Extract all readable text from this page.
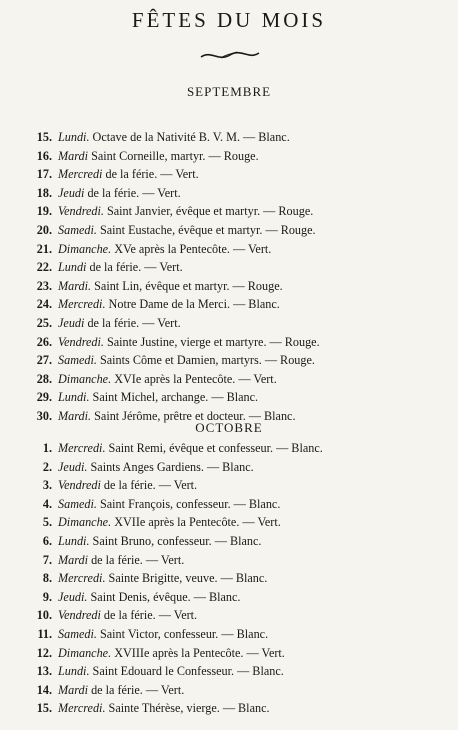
FÊTES DU MOIS
SEPTEMBRE
15. Lundi. Octave de la Nativité B. V. M. — Blanc.
16. Mardi Saint Corneille, martyr. — Rouge.
17. Mercredi de la férie. — Vert.
18. Jeudi de la férie. — Vert.
19. Vendredi. Saint Janvier, évêque et martyr. — Rouge.
20. Samedi. Saint Eustache, évêque et martyr. — Rouge.
21. Dimanche. XVe après la Pentecôte. — Vert.
22. Lundi de la férie. — Vert.
23. Mardi. Saint Lin, évêque et martyr. — Rouge.
24. Mercredi. Notre Dame de la Merci. — Blanc.
25. Jeudi de la férie. — Vert.
26. Vendredi. Sainte Justine, vierge et martyre. — Rouge.
27. Samedi. Saints Côme et Damien, martyrs. — Rouge.
28. Dimanche. XVIe après la Pentecôte. — Vert.
29. Lundi. Saint Michel, archange. — Blanc.
30. Mardi. Saint Jérôme, prêtre et docteur. — Blanc.
OCTOBRE
1. Mercredi. Saint Remi, évêque et confesseur. — Blanc.
2. Jeudi. Saints Anges Gardiens. — Blanc.
3. Vendredi de la férie. — Vert.
4. Samedi. Saint François, confesseur. — Blanc.
5. Dimanche. XVIIe après la Pentecôte. — Vert.
6. Lundi. Saint Bruno, confesseur. — Blanc.
7. Mardi de la férie. — Vert.
8. Mercredi. Sainte Brigitte, veuve. — Blanc.
9. Jeudi. Saint Denis, évêque. — Blanc.
10. Vendredi de la férie. — Vert.
11. Samedi. Saint Victor, confesseur. — Blanc.
12. Dimanche. XVIIIe après la Pentecôte. — Vert.
13. Lundi. Saint Edouard le Confesseur. — Blanc.
14. Mardi de la férie. — Vert.
15. Mercredi. Sainte Thérèse, vierge. — Blanc.
